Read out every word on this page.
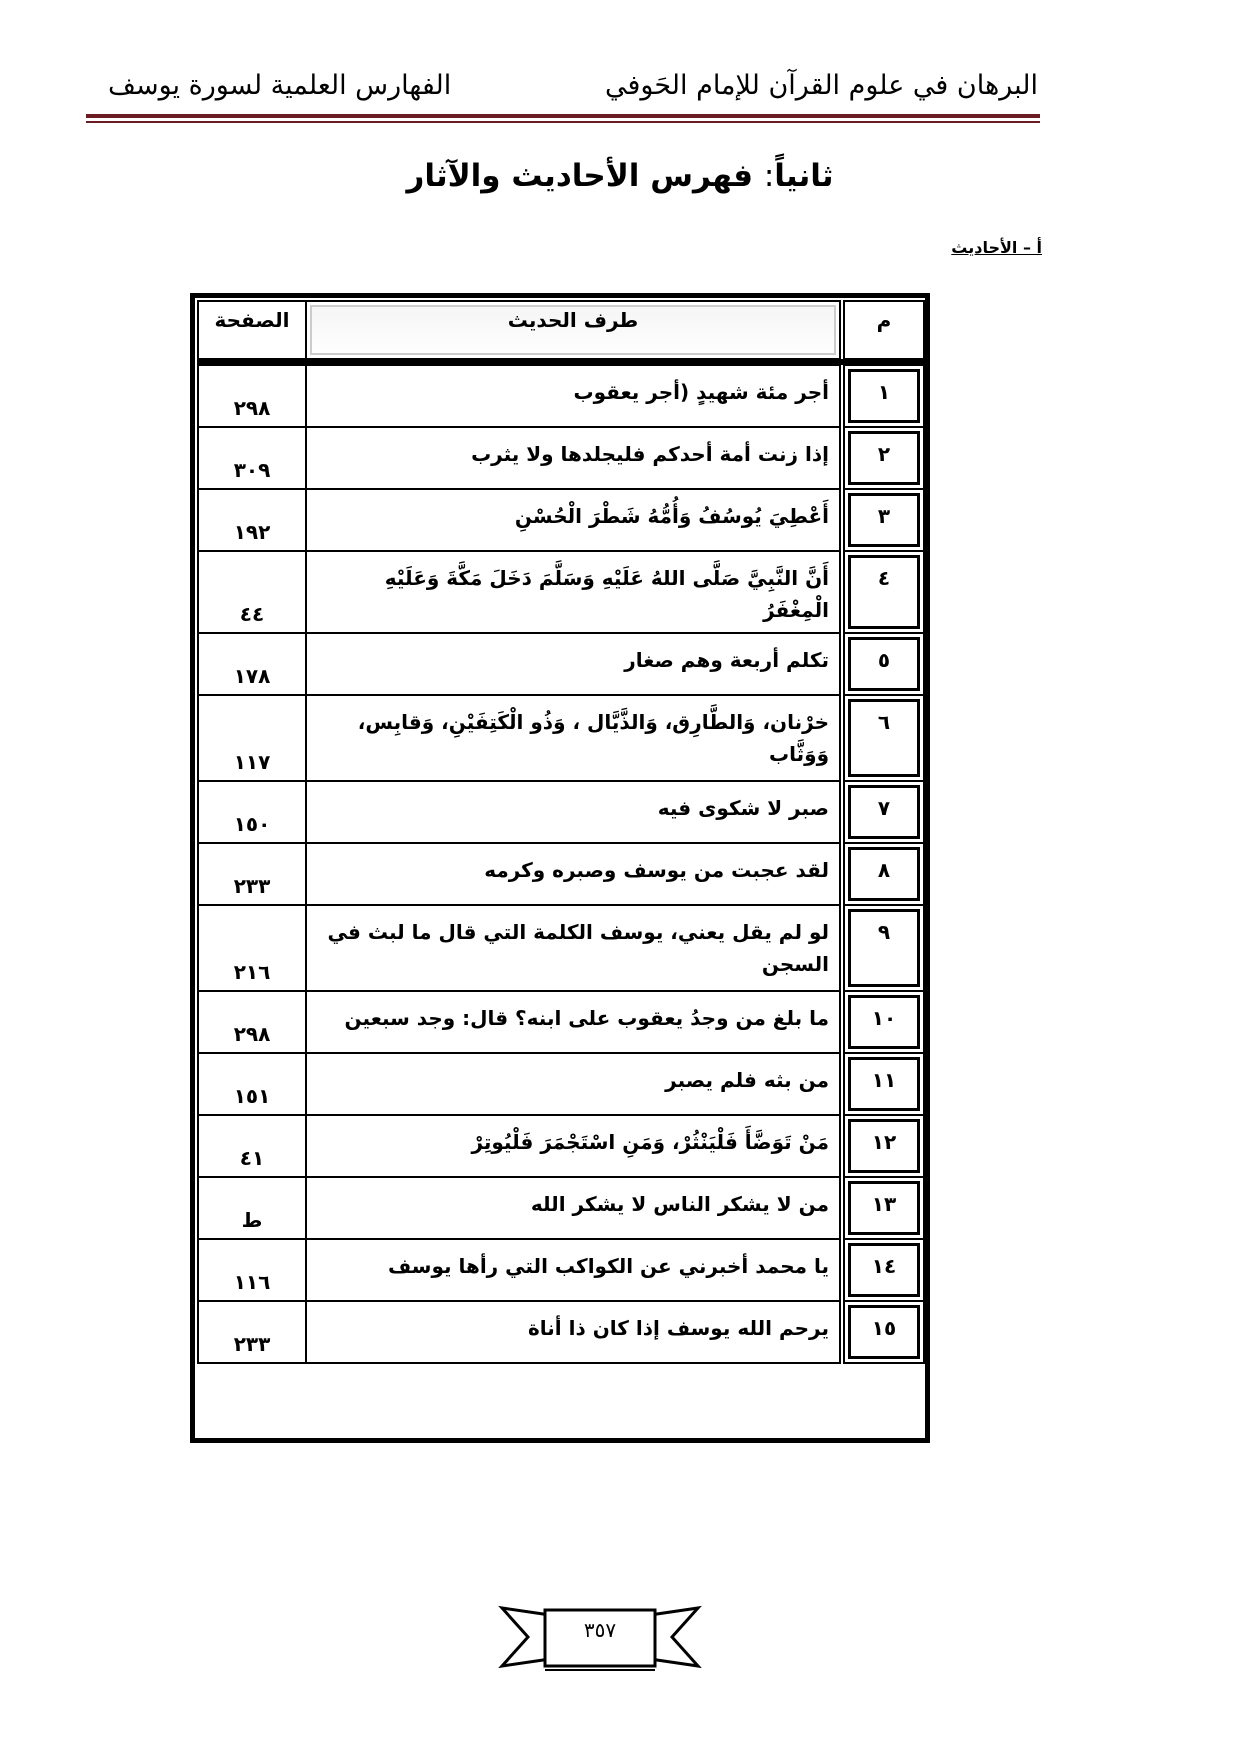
البرهان في علوم القرآن للإمام الحَوفي
الفهارس العلمية لسورة يوسف
ثانياً: فهرس الأحاديث والآثار
أ – الأحاديث
م	طرف الحديث	الصفحة

١	أجر مئة شهيدٍ (أجر يعقوب	٢٩٨

٢	إذا زنت أمة أحدكم فليجلدها ولا يثرب	٣٠٩

٣	أَعْطِيَ يُوسُفُ وَأُمُّهُ شَطْرَ الْحُسْنِ	١٩٢

٤	أَنَّ النَّبِيَّ صَلَّى اللهُ عَلَيْهِ وَسَلَّمَ دَخَلَ مَكَّةَ وَعَلَيْهِ الْمِغْفَرُ	٤٤

٥	تكلم أربعة وهم صغار	١٧٨

٦	خرْنان، وَالطَّارِق، وَالذَّيَّال ، وَذُو الْكَتِفَيْنِ، وَقابِس، وَوَثَّاب	١١٧

٧	صبر لا شكوى فيه	١٥٠

٨	لقد عجبت من يوسف وصبره وكرمه	٢٣٣

٩	لو لم يقل يعني، يوسف الكلمة التي قال ما لبث في السجن	٢١٦

١٠	ما بلغ من وجدُ يعقوب على ابنه؟ قال: وجد سبعين	٢٩٨

١١	من بثه فلم يصبر	١٥١

١٢	مَنْ تَوَضَّأَ فَلْيَنْثُرْ، وَمَنِ اسْتَجْمَرَ فَلْيُوتِرْ	٤١

١٣	من لا يشكر الناس لا يشكر الله	ط

١٤	يا محمد أخبرني عن الكواكب التي رأها يوسف	١١٦

١٥	يرحم الله يوسف إذا كان ذا أناة	٢٣٣
٣٥٧
